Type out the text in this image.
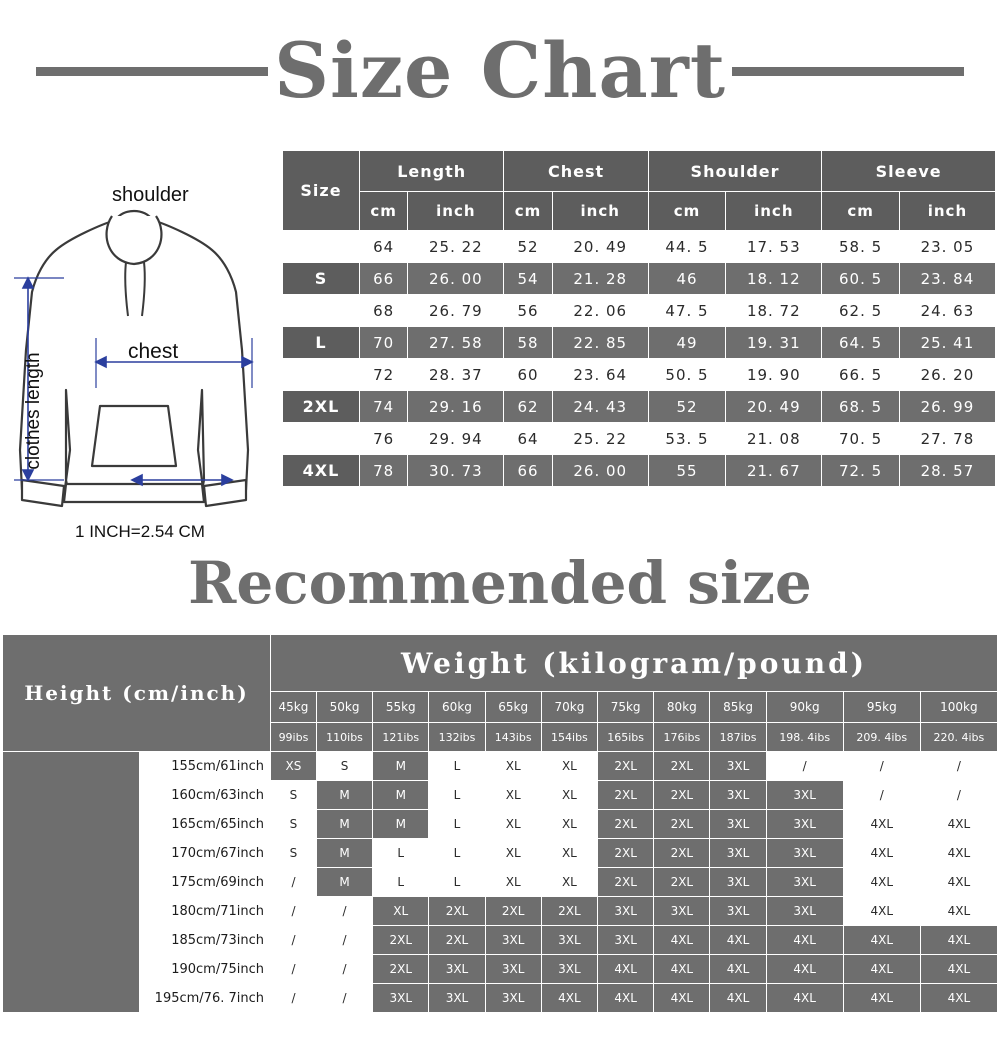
Size Chart
shoulder
chest
clothes length
1 INCH=2.54 CM
Size	Length		Chest		Shoulder		Sleeve	
	cm	inch	cm	inch	cm	inch	cm	inch
XS	64	25. 22	52	20. 49	44. 5	17. 53	58. 5	23. 05
S	66	26. 00	54	21. 28	46	18. 12	60. 5	23. 84
M	68	26. 79	56	22. 06	47. 5	18. 72	62. 5	24. 63
L	70	27. 58	58	22. 85	49	19. 31	64. 5	25. 41
XL	72	28. 37	60	23. 64	50. 5	19. 90	66. 5	26. 20
2XL	74	29. 16	62	24. 43	52	20. 49	68. 5	26. 99
3XL	76	29. 94	64	25. 22	53. 5	21. 08	70. 5	27. 78
4XL	78	30. 73	66	26. 00	55	21. 67	72. 5	28. 57
Recommended size
Height (cm/inch)		Weight (kilogram/pound)											
		45kg	50kg	55kg	60kg	65kg	70kg	75kg	80kg	85kg	90kg	95kg	100kg
		99ibs	110ibs	121ibs	132ibs	143ibs	154ibs	165ibs	176ibs	187ibs	198. 4ibs	209. 4ibs	220. 4ibs
	155cm/61inch	XS	S	M	L	XL	XL	2XL	2XL	3XL	/	/	/
	160cm/63inch	S	M	M	L	XL	XL	2XL	2XL	3XL	3XL	/	/
	165cm/65inch	S	M	M	L	XL	XL	2XL	2XL	3XL	3XL	4XL	4XL
	170cm/67inch	S	M	L	L	XL	XL	2XL	2XL	3XL	3XL	4XL	4XL
	175cm/69inch	/	M	L	L	XL	XL	2XL	2XL	3XL	3XL	4XL	4XL
	180cm/71inch	/	/	XL	2XL	2XL	2XL	3XL	3XL	3XL	3XL	4XL	4XL
	185cm/73inch	/	/	2XL	2XL	3XL	3XL	3XL	4XL	4XL	4XL	4XL	4XL
	190cm/75inch	/	/	2XL	3XL	3XL	3XL	4XL	4XL	4XL	4XL	4XL	4XL
	195cm/76. 7inch	/	/	3XL	3XL	3XL	4XL	4XL	4XL	4XL	4XL	4XL	4XL
